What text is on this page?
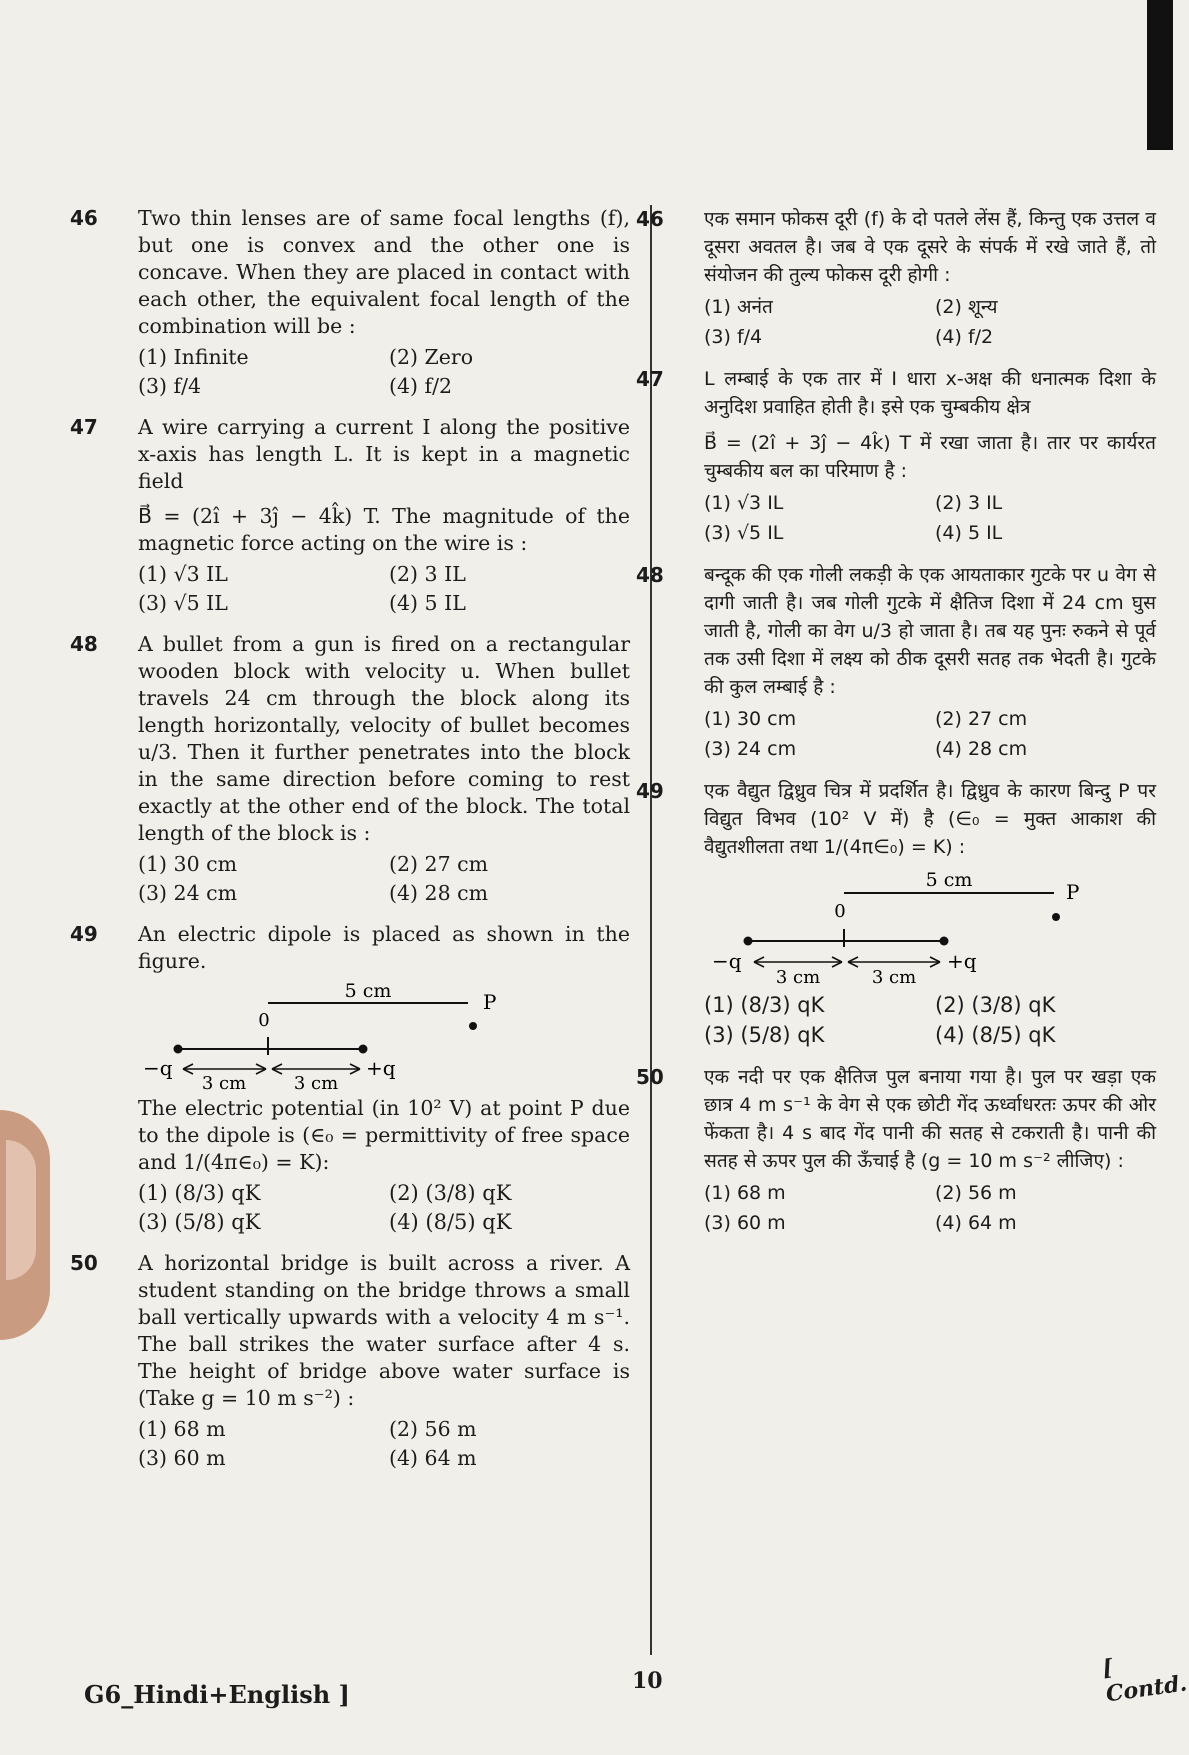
46 Two thin lenses are of same focal lengths (f), but one is convex and the other one is concave. When they are placed in contact with each other, the equivalent focal length of the combination will be :
(1) Infinite	(2) Zero
(3) f/4	(4) f/2
47 A wire carrying a current I along the positive x-axis has length L. It is kept in a magnetic field
B⃗ = (2î + 3ĵ − 4k̂) T. The magnitude of the magnetic force acting on the wire is :
(1) √3 IL	(2) 3 IL
(3) √5 IL	(4) 5 IL
48 A bullet from a gun is fired on a rectangular wooden block with velocity u. When bullet travels 24 cm through the block along its length horizontally, velocity of bullet becomes u/3. Then it further penetrates into the block in the same direction before coming to rest exactly at the other end of the block. The total length of the block is :
(1) 30 cm	(2) 27 cm
(3) 24 cm	(4) 28 cm
49 An electric dipole is placed as shown in the figure.
5 cm	P
0
−q	+q
3 cm	3 cm
The electric potential (in 10² V) at point P due to the dipole is (∈₀ = permittivity of free space and 1/(4π∈₀) = K):
(1) (8/3) qK	(2) (3/8) qK
(3) (5/8) qK	(4) (8/5) qK
50 A horizontal bridge is built across a river. A student standing on the bridge throws a small ball vertically upwards with a velocity 4 m s⁻¹. The ball strikes the water surface after 4 s. The height of bridge above water surface is (Take g = 10 m s⁻²) :
(1) 68 m	(2) 56 m
(3) 60 m	(4) 64 m
46 एक समान फोकस दूरी (f) के दो पतले लेंस हैं, किन्तु एक उत्तल व दूसरा अवतल है। जब वे एक दूसरे के संपर्क में रखे जाते हैं, तो संयोजन की तुल्य फोकस दूरी होगी :
(1) अनंत	(2) शून्य
(3) f/4	(4) f/2
47 L लम्बाई के एक तार में I धारा x-अक्ष की धनात्मक दिशा के अनुदिश प्रवाहित होती है। इसे एक चुम्बकीय क्षेत्र
B⃗ = (2î + 3ĵ − 4k̂) T में रखा जाता है। तार पर कार्यरत चुम्बकीय बल का परिमाण है :
(1) √3 IL	(2) 3 IL
(3) √5 IL	(4) 5 IL
48 बन्दूक की एक गोली लकड़ी के एक आयताकार गुटके पर u वेग से दागी जाती है। जब गोली गुटके में क्षैतिज दिशा में 24 cm घुस जाती है, गोली का वेग u/3 हो जाता है। तब यह पुनः रुकने से पूर्व तक उसी दिशा में लक्ष्य को ठीक दूसरी सतह तक भेदती है। गुटके की कुल लम्बाई है :
(1) 30 cm	(2) 27 cm
(3) 24 cm	(4) 28 cm
49 एक वैद्युत द्विध्रुव चित्र में प्रदर्शित है। द्विध्रुव के कारण बिन्दु P पर विद्युत विभव (10² V में) है (∈₀ = मुक्त आकाश की वैद्युतशीलता तथा 1/(4π∈₀) = K) :
5 cm	P
0
−q	+q
3 cm	3 cm
(1) (8/3) qK	(2) (3/8) qK
(3) (5/8) qK	(4) (8/5) qK
50 एक नदी पर एक क्षैतिज पुल बनाया गया है। पुल पर खड़ा एक छात्र 4 m s⁻¹ के वेग से एक छोटी गेंद ऊर्ध्वाधरतः ऊपर की ओर फेंकता है। 4 s बाद गेंद पानी की सतह से टकराती है। पानी की सतह से ऊपर पुल की ऊँचाई है (g = 10 m s⁻² लीजिए) :
(1) 68 m	(2) 56 m
(3) 60 m	(4) 64 m
G6_Hindi+English ]	10	[ Contd.
